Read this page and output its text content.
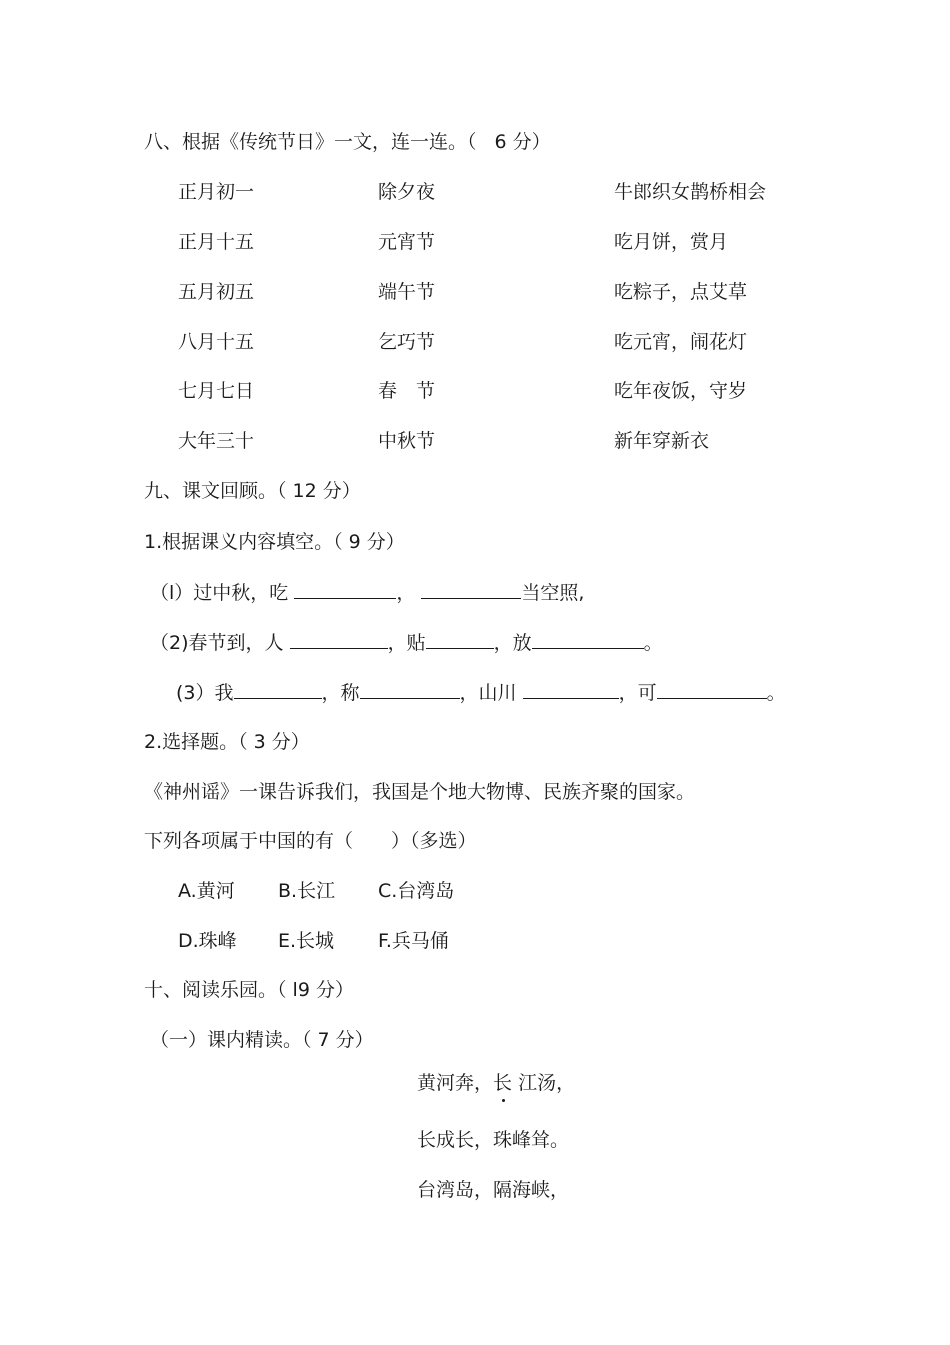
八、根据《传统节日》一文，连一连。（ 6 分）
正月初一	除夕夜	牛郎织女鹊桥相会
正月十五	元宵节	吃月饼，赏月
五月初五	端午节	吃粽子，点艾草
八月十五	乞巧节	吃元宵，闹花灯
七月七日	春　节	吃年夜饭，守岁
大年三十	中秋节	新年穿新衣
九、课文回顾。（ 12 分）
1.根据课义内容填空。（ 9 分）
（l）过中秋，吃	，	当空照,
（2)春节到，人	，贴	，放	。
(3）我	，称	，山川	，可	。
2.选择题。（ 3 分）
《神州谣》一课告诉我们，我国是个地大物博、民族齐聚的国家。
下列各项属于中国的有（　　）（多选）
A.黄河 B.长江 C.台湾岛
D.珠峰 E.长城 F.兵马俑
十、阅读乐园。（ l9 分）
（一）课内精读。（ 7 分）
黄河奔，长 江汤，
长成长，珠峰耸。
台湾岛，隔海峡，
